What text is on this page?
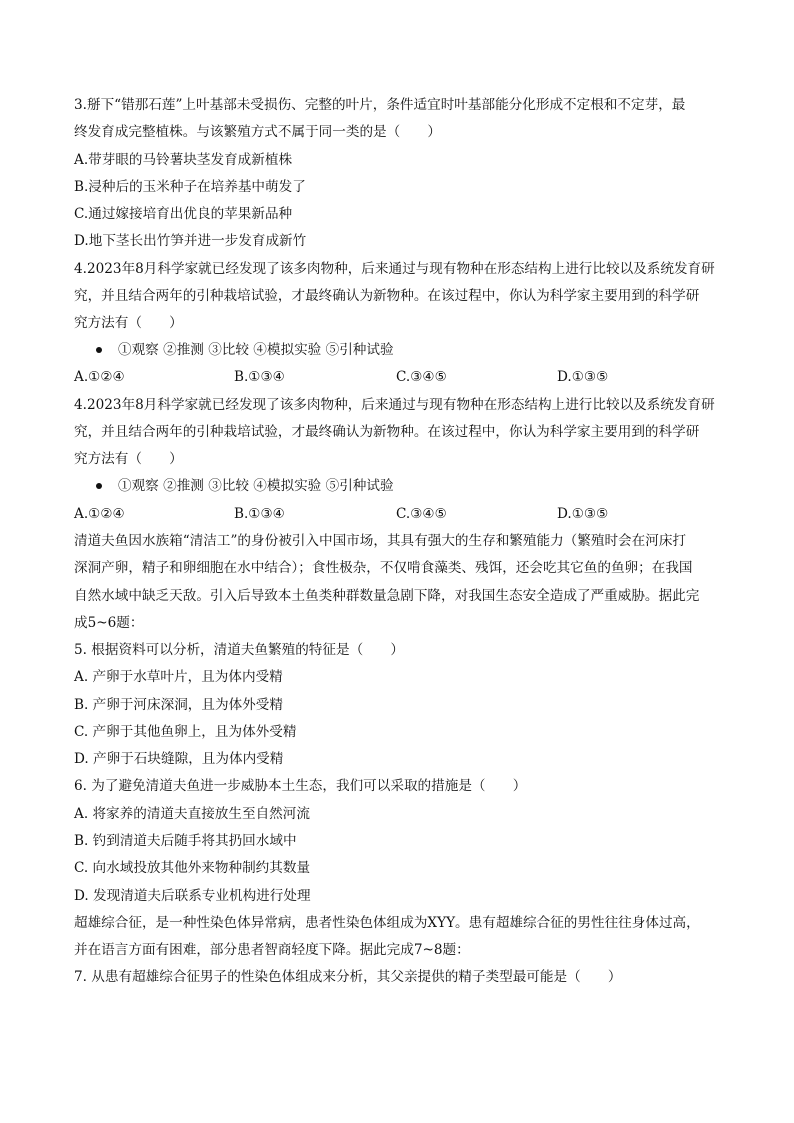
3.掰下“错那石莲”上叶基部未受损伤、完整的叶片，条件适宜时叶基部能分化形成不定根和不定芽，最
终发育成完整植株。与该繁殖方式不属于同一类的是（　　）
A.带芽眼的马铃薯块茎发育成新植株
B.浸种后的玉米种子在培养基中萌发了
C.通过嫁接培育出优良的苹果新品种
D.地下茎长出竹笋并进一步发育成新竹
4.2023年8月科学家就已经发现了该多肉物种，后来通过与现有物种在形态结构上进行比较以及系统发育研
究，并且结合两年的引种栽培试验，才最终确认为新物种。在该过程中，你认为科学家主要用到的科学研
究方法有（　　）
①观察 ②推测 ③比较 ④模拟实验 ⑤引种试验
A.①②④	B.①③④	C.③④⑤	D.①③⑤
4.2023年8月科学家就已经发现了该多肉物种，后来通过与现有物种在形态结构上进行比较以及系统发育研
究，并且结合两年的引种栽培试验，才最终确认为新物种。在该过程中，你认为科学家主要用到的科学研
究方法有（　　）
①观察 ②推测 ③比较 ④模拟实验 ⑤引种试验
A.①②④	B.①③④	C.③④⑤	D.①③⑤
清道夫鱼因水族箱“清洁工”的身份被引入中国市场，其具有强大的生存和繁殖能力（繁殖时会在河床打
深洞产卵，精子和卵细胞在水中结合）；食性极杂，不仅啃食藻类、残饵，还会吃其它鱼的鱼卵；在我国
自然水域中缺乏天敌。引入后导致本土鱼类种群数量急剧下降，对我国生态安全造成了严重威胁。据此完
成5~6题：
5. 根据资料可以分析，清道夫鱼繁殖的特征是（　　）
A. 产卵于水草叶片，且为体内受精
B. 产卵于河床深洞，且为体外受精
C. 产卵于其他鱼卵上，且为体外受精
D. 产卵于石块缝隙，且为体内受精
6. 为了避免清道夫鱼进一步威胁本土生态，我们可以采取的措施是（　　）
A. 将家养的清道夫直接放生至自然河流
B. 钓到清道夫后随手将其扔回水域中
C. 向水域投放其他外来物种制约其数量
D. 发现清道夫后联系专业机构进行处理
超雄综合征，是一种性染色体异常病，患者性染色体组成为XYY。患有超雄综合征的男性往往身体过高，
并在语言方面有困难，部分患者智商轻度下降。据此完成7~8题：
7. 从患有超雄综合征男子的性染色体组成来分析，其父亲提供的精子类型最可能是（　　）
